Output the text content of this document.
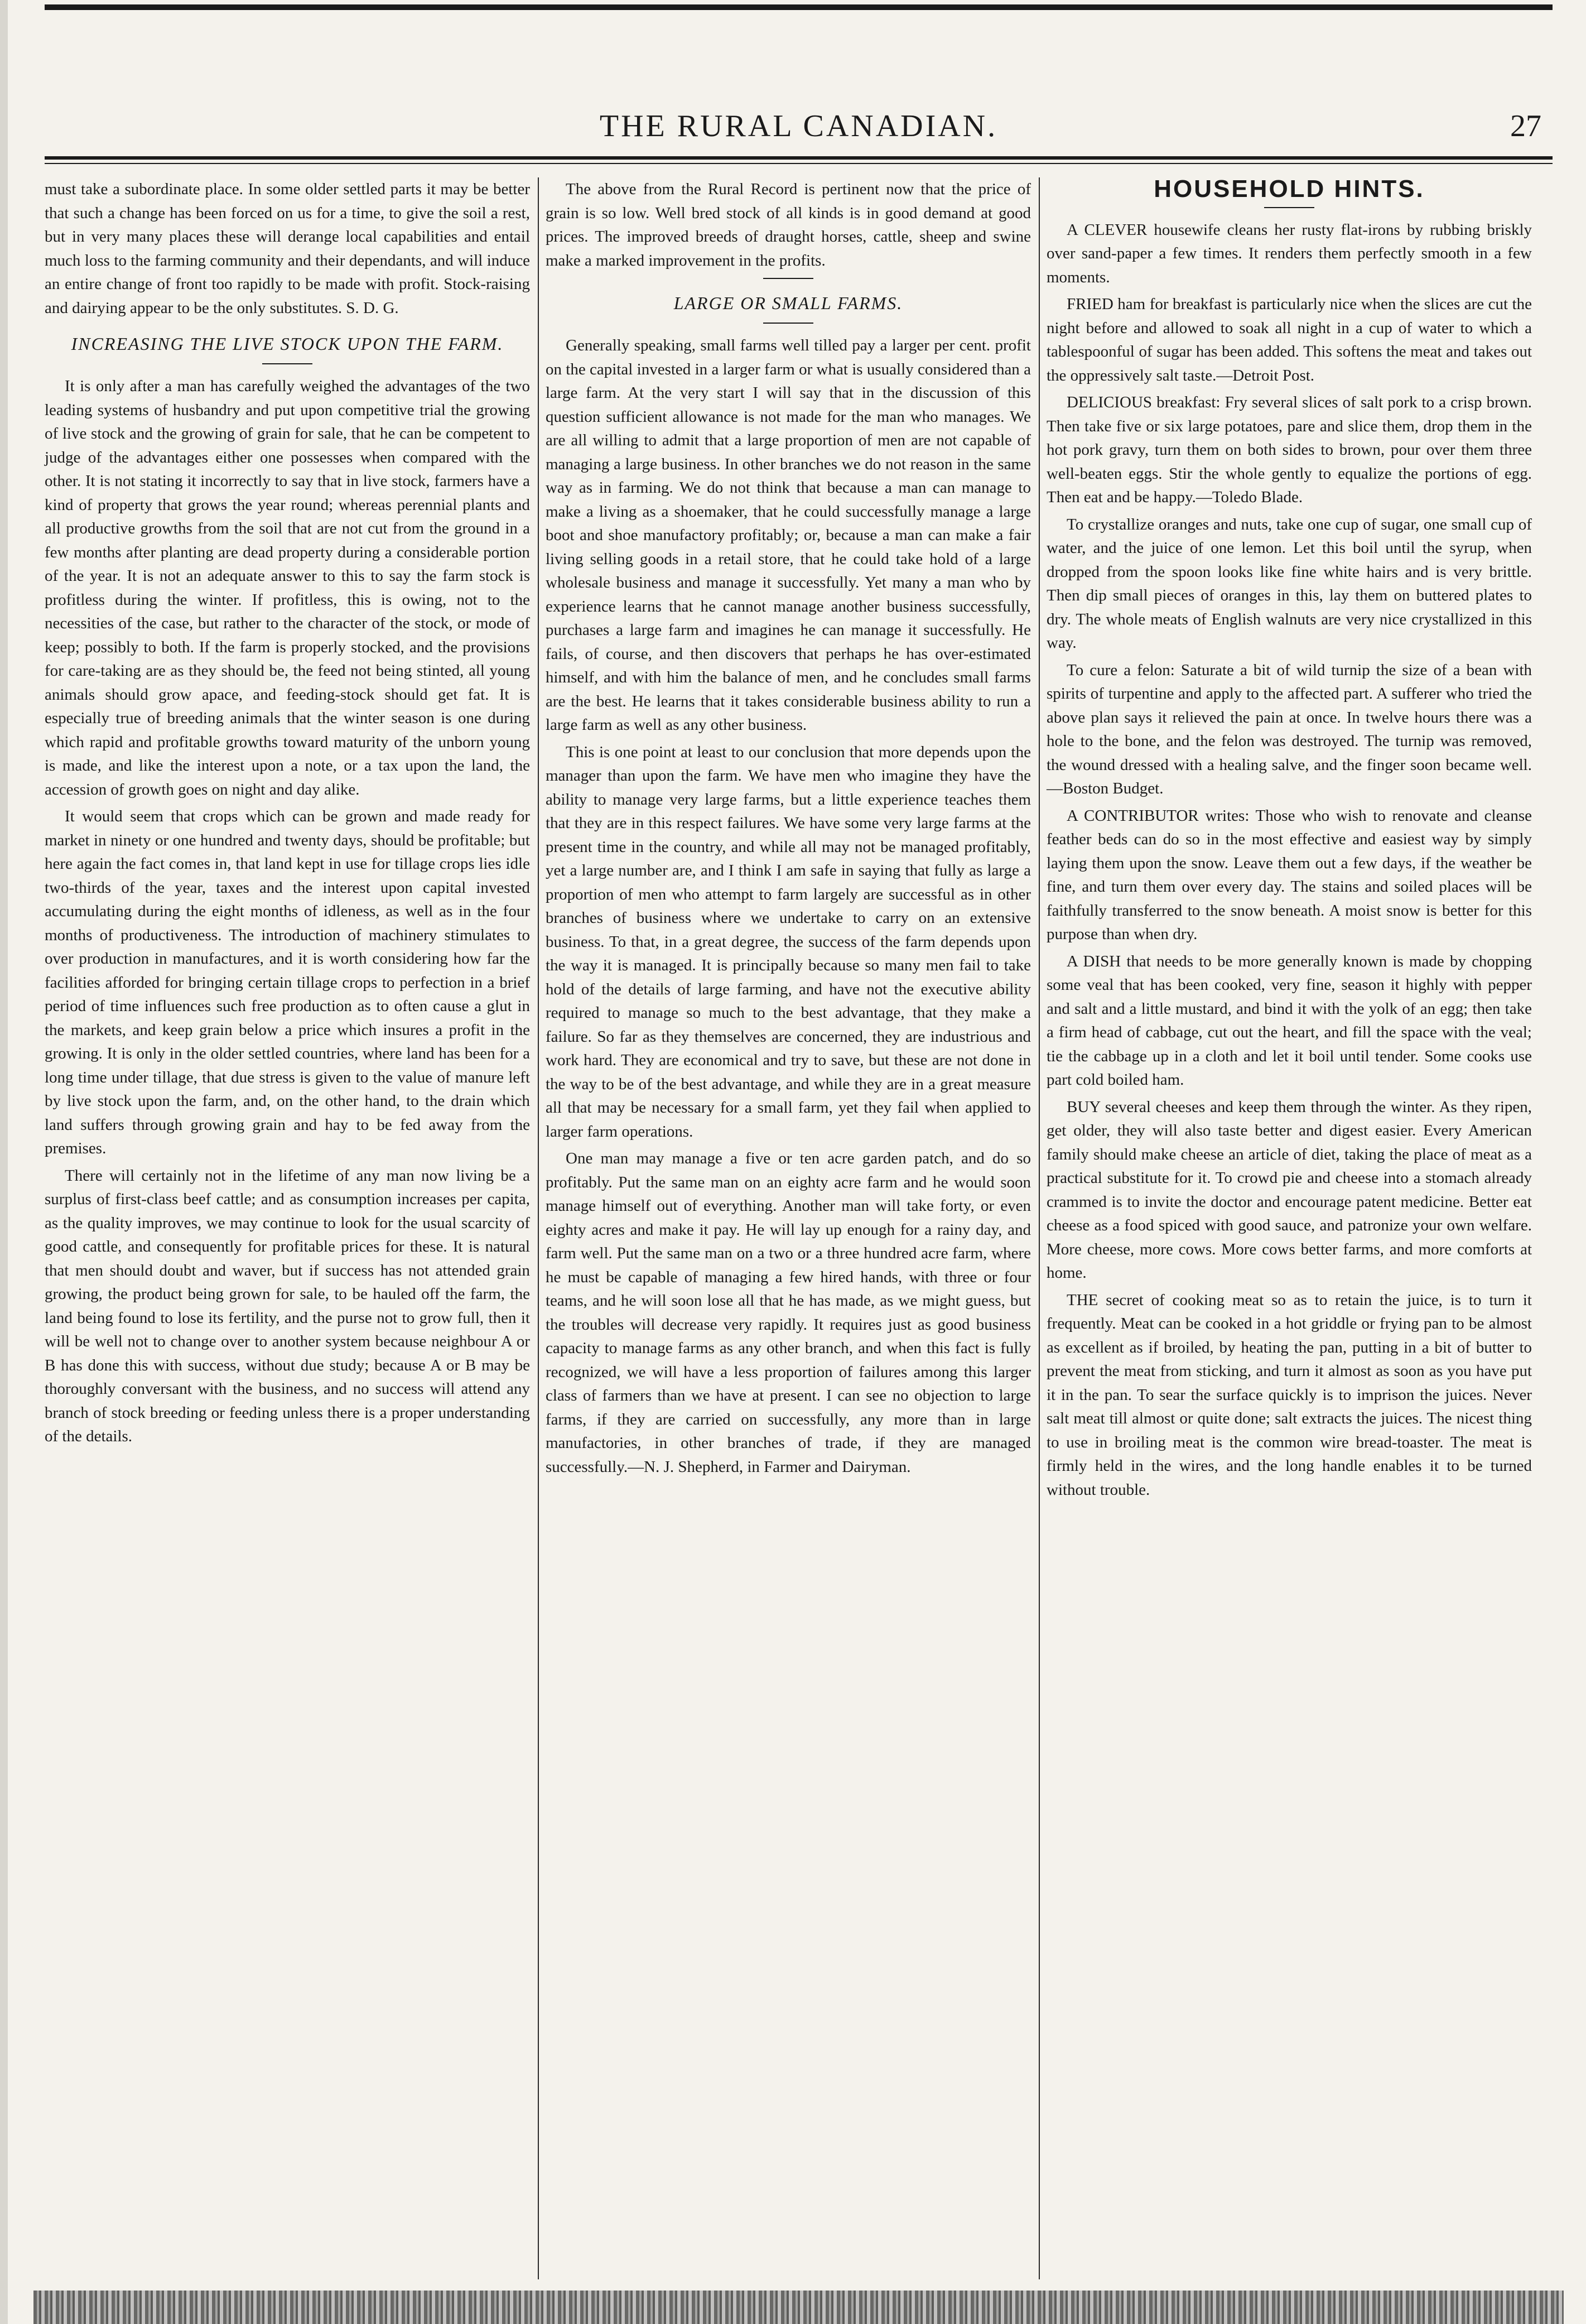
THE RURAL CANADIAN.	27

must take a subordinate place. In some older settled parts it may be better that such a change has been forced on us for a time, to give the soil a rest, but in very many places these will derange local capabilities and entail much loss to the farming community and their dependants, and will induce an entire change of front too rapidly to be made with profit. Stock-raising and dairying appear to be the only substitutes. S. D. G.

INCREASING THE LIVE STOCK UPON THE FARM.

It is only after a man has carefully weighed the advantages of the two leading systems of husbandry and put upon competitive trial the growing of live stock and the growing of grain for sale, that he can be competent to judge of the advantages either one possesses when compared with the other. It is not stating it incorrectly to say that in live stock, farmers have a kind of property that grows the year round; whereas perennial plants and all productive growths from the soil that are not cut from the ground in a few months after planting are dead property during a considerable portion of the year. It is not an adequate answer to this to say the farm stock is profitless during the winter. If profitless, this is owing, not to the necessities of the case, but rather to the character of the stock, or mode of keep; possibly to both. If the farm is properly stocked, and the provisions for care-taking are as they should be, the feed not being stinted, all young animals should grow apace, and feeding-stock should get fat. It is especially true of breeding animals that the winter season is one during which rapid and profitable growths toward maturity of the unborn young is made, and like the interest upon a note, or a tax upon the land, the accession of growth goes on night and day alike.

It would seem that crops which can be grown and made ready for market in ninety or one hundred and twenty days, should be profitable; but here again the fact comes in, that land kept in use for tillage crops lies idle two-thirds of the year, taxes and the interest upon capital invested accumulating during the eight months of idleness, as well as in the four months of productiveness. The introduction of machinery stimulates to over production in manufactures, and it is worth considering how far the facilities afforded for bringing certain tillage crops to perfection in a brief period of time influences such free production as to often cause a glut in the markets, and keep grain below a price which insures a profit in the growing. It is only in the older settled countries, where land has been for a long time under tillage, that due stress is given to the value of manure left by live stock upon the farm, and, on the other hand, to the drain which land suffers through growing grain and hay to be fed away from the premises.

There will certainly not in the lifetime of any man now living be a surplus of first-class beef cattle; and as consumption increases per capita, as the quality improves, we may continue to look for the usual scarcity of good cattle, and consequently for profitable prices for these. It is natural that men should doubt and waver, but if success has not attended grain growing, the product being grown for sale, to be hauled off the farm, the land being found to lose its fertility, and the purse not to grow full, then it will be well not to change over to another system because neighbour A or B has done this with success, without due study; because A or B may be thoroughly conversant with the business, and no success will attend any branch of stock breeding or feeding unless there is a proper understanding of the details.

The above from the Rural Record is pertinent now that the price of grain is so low. Well bred stock of all kinds is in good demand at good prices. The improved breeds of draught horses, cattle, sheep and swine make a marked improvement in the profits.

LARGE OR SMALL FARMS.

Generally speaking, small farms well tilled pay a larger per cent. profit on the capital invested in a larger farm or what is usually considered than a large farm. At the very start I will say that in the discussion of this question sufficient allowance is not made for the man who manages. We are all willing to admit that a large proportion of men are not capable of managing a large business. In other branches we do not reason in the same way as in farming. We do not think that because a man can manage to make a living as a shoemaker, that he could successfully manage a large boot and shoe manufactory profitably; or, because a man can make a fair living selling goods in a retail store, that he could take hold of a large wholesale business and manage it successfully. Yet many a man who by experience learns that he cannot manage another business successfully, purchases a large farm and imagines he can manage it successfully. He fails, of course, and then discovers that perhaps he has over-estimated himself, and with him the balance of men, and he concludes small farms are the best. He learns that it takes considerable business ability to run a large farm as well as any other business.

This is one point at least to our conclusion that more depends upon the manager than upon the farm. We have men who imagine they have the ability to manage very large farms, but a little experience teaches them that they are in this respect failures. We have some very large farms at the present time in the country, and while all may not be managed profitably, yet a large number are, and I think I am safe in saying that fully as large a proportion of men who attempt to farm largely are successful as in other branches of business where we undertake to carry on an extensive business. To that, in a great degree, the success of the farm depends upon the way it is managed. It is principally because so many men fail to take hold of the details of large farming, and have not the executive ability required to manage so much to the best advantage, that they make a failure. So far as they themselves are concerned, they are industrious and work hard. They are economical and try to save, but these are not done in the way to be of the best advantage, and while they are in a great measure all that may be necessary for a small farm, yet they fail when applied to larger farm operations.

One man may manage a five or ten acre garden patch, and do so profitably. Put the same man on an eighty acre farm and he would soon manage himself out of everything. Another man will take forty, or even eighty acres and make it pay. He will lay up enough for a rainy day, and farm well. Put the same man on a two or a three hundred acre farm, where he must be capable of managing a few hired hands, with three or four teams, and he will soon lose all that he has made, as we might guess, but the troubles will decrease very rapidly. It requires just as good business capacity to manage farms as any other branch, and when this fact is fully recognized, we will have a less proportion of failures among this larger class of farmers than we have at present. I can see no objection to large farms, if they are carried on successfully, any more than in large manufactories, in other branches of trade, if they are managed successfully.—N. J. Shepherd, in Farmer and Dairyman.

HOUSEHOLD HINTS.

A CLEVER housewife cleans her rusty flat-irons by rubbing briskly over sand-paper a few times. It renders them perfectly smooth in a few moments.

FRIED ham for breakfast is particularly nice when the slices are cut the night before and allowed to soak all night in a cup of water to which a tablespoonful of sugar has been added. This softens the meat and takes out the oppressively salt taste.—Detroit Post.

DELICIOUS breakfast: Fry several slices of salt pork to a crisp brown. Then take five or six large potatoes, pare and slice them, drop them in the hot pork gravy, turn them on both sides to brown, pour over them three well-beaten eggs. Stir the whole gently to equalize the portions of egg. Then eat and be happy.—Toledo Blade.

To crystallize oranges and nuts, take one cup of sugar, one small cup of water, and the juice of one lemon. Let this boil until the syrup, when dropped from the spoon looks like fine white hairs and is very brittle. Then dip small pieces of oranges in this, lay them on buttered plates to dry. The whole meats of English walnuts are very nice crystallized in this way.

To cure a felon: Saturate a bit of wild turnip the size of a bean with spirits of turpentine and apply to the affected part. A sufferer who tried the above plan says it relieved the pain at once. In twelve hours there was a hole to the bone, and the felon was destroyed. The turnip was removed, the wound dressed with a healing salve, and the finger soon became well.—Boston Budget.

A CONTRIBUTOR writes: Those who wish to renovate and cleanse feather beds can do so in the most effective and easiest way by simply laying them upon the snow. Leave them out a few days, if the weather be fine, and turn them over every day. The stains and soiled places will be faithfully transferred to the snow beneath. A moist snow is better for this purpose than when dry.

A DISH that needs to be more generally known is made by chopping some veal that has been cooked, very fine, season it highly with pepper and salt and a little mustard, and bind it with the yolk of an egg; then take a firm head of cabbage, cut out the heart, and fill the space with the veal; tie the cabbage up in a cloth and let it boil until tender. Some cooks use part cold boiled ham.

BUY several cheeses and keep them through the winter. As they ripen, get older, they will also taste better and digest easier. Every American family should make cheese an article of diet, taking the place of meat as a practical substitute for it. To crowd pie and cheese into a stomach already crammed is to invite the doctor and encourage patent medicine. Better eat cheese as a food spiced with good sauce, and patronize your own welfare. More cheese, more cows. More cows better farms, and more comforts at home.

THE secret of cooking meat so as to retain the juice, is to turn it frequently. Meat can be cooked in a hot griddle or frying pan to be almost as excellent as if broiled, by heating the pan, putting in a bit of butter to prevent the meat from sticking, and turn it almost as soon as you have put it in the pan. To sear the surface quickly is to imprison the juices. Never salt meat till almost or quite done; salt extracts the juices. The nicest thing to use in broiling meat is the common wire bread-toaster. The meat is firmly held in the wires, and the long handle enables it to be turned without trouble.
